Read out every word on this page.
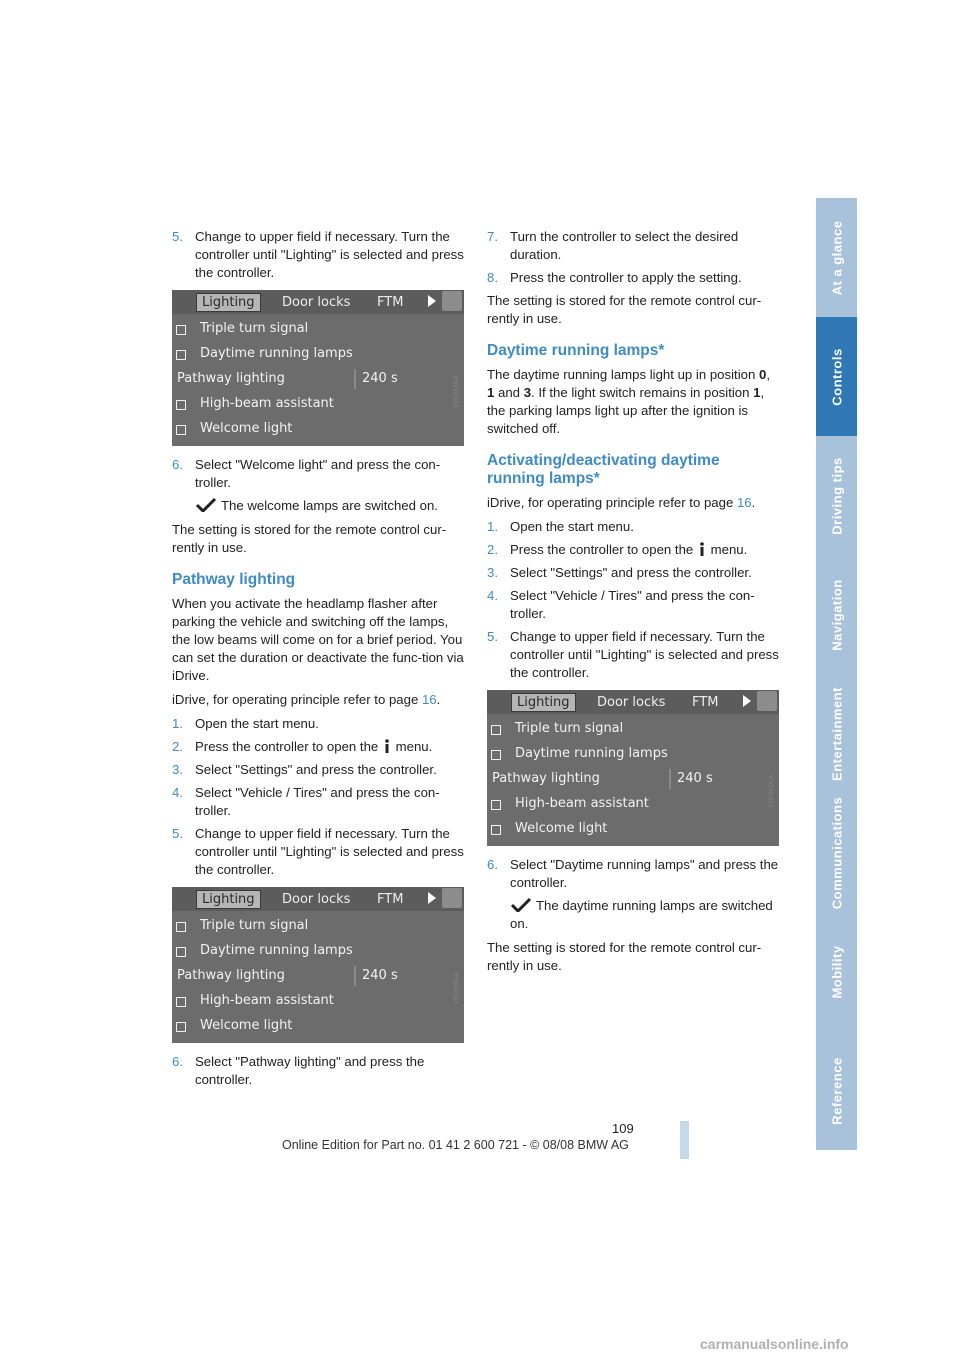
5. Change to upper field if necessary. Turn the controller until "Lighting" is selected and press the controller.
Lighting	Door locks FTM
Triple turn signal
Daytime running lamps
Pathway lighting	240 s
High-beam assistant
Welcome light
V3CH6D1A
6. Select "Welcome light" and press the con-troller.

The welcome lamps are switched on.

The setting is stored for the remote control cur-rently in use.

Pathway lighting

When you activate the headlamp flasher after parking the vehicle and switching off the lamps, the low beams will come on for a brief period. You can set the duration or deactivate the func-tion via iDrive.

iDrive, for operating principle refer to page 16.

1. Open the start menu.
2. Press the controller to open the menu.
3. Select "Settings" and press the controller.
4. Select "Vehicle / Tires" and press the con-troller.
5. Change to upper field if necessary. Turn the controller until "Lighting" is selected and press the controller.
Lighting	Door locks FTM
Triple turn signal
Daytime running lamps
Pathway lighting	240 s
High-beam assistant
Welcome light
V3CH6D1A
6. Select "Pathway lighting" and press the controller.
7. Turn the controller to select the desired duration.
8. Press the controller to apply the setting.

The setting is stored for the remote control cur-rently in use.

Daytime running lamps*

The daytime running lamps light up in position 0, 1 and 3. If the light switch remains in position 1, the parking lamps light up after the ignition is switched off.

Activating/deactivating daytime running lamps*

iDrive, for operating principle refer to page 16.

1. Open the start menu.
2. Press the controller to open the menu.
3. Select "Settings" and press the controller.
4. Select "Vehicle / Tires" and press the con-troller.
5. Change to upper field if necessary. Turn the controller until "Lighting" is selected and press the controller.
Lighting	Door locks FTM
Triple turn signal
Daytime running lamps
Pathway lighting	240 s
High-beam assistant
Welcome light
V3CH6D1A
6. Select "Daytime running lamps" and press the controller.

The daytime running lamps are switched on.

The setting is stored for the remote control cur-rently in use.

At a glance
Controls
Driving tips
Navigation
Entertainment
Communications
Mobility
Reference
109
Online Edition for Part no. 01 41 2 600 721 - © 08/08 BMW AG
carmanualsonline.info
